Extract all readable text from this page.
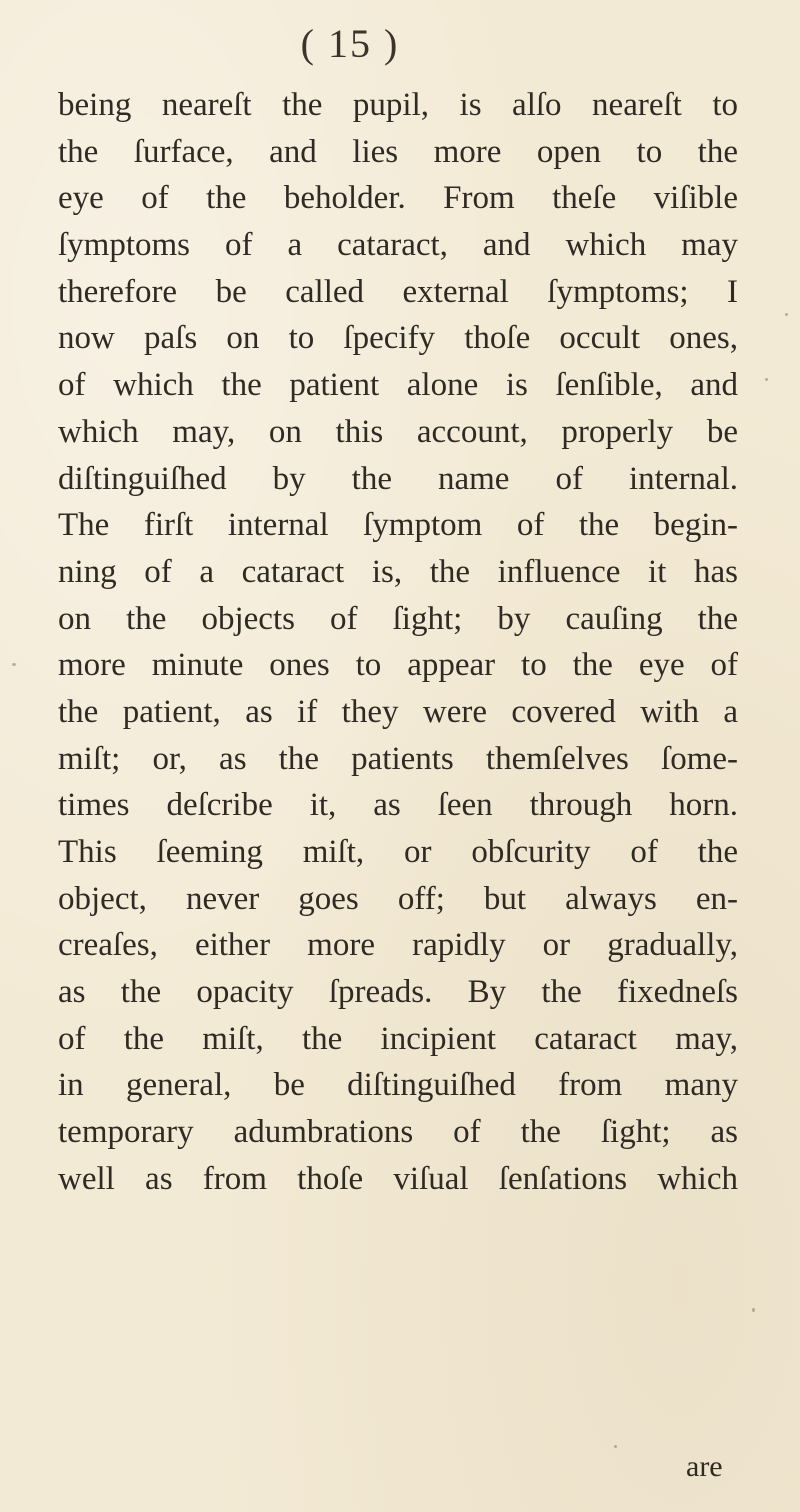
( 15 )
being neareſt the pupil, is alſo neareſt to
the ſurface, and lies more open to the
eye of the beholder. From theſe viſible
ſymptoms of a cataract, and which may
therefore be called external ſymptoms; I
now paſs on to ſpecify thoſe occult ones,
of which the patient alone is ſenſible, and
which may, on this account, properly be
diſtinguiſhed by the name of internal.
The firſt internal ſymptom of the begin-
ning of a cataract is, the influence it has
on the objects of ſight; by cauſing the
more minute ones to appear to the eye of
the patient, as if they were covered with a
miſt; or, as the patients themſelves ſome-
times deſcribe it, as ſeen through horn.
This ſeeming miſt, or obſcurity of the
object, never goes off; but always en-
creaſes, either more rapidly or gradually,
as the opacity ſpreads. By the fixedneſs
of the miſt, the incipient cataract may,
in general, be diſtinguiſhed from many
temporary adumbrations of the ſight; as
well as from thoſe viſual ſenſations which
are
